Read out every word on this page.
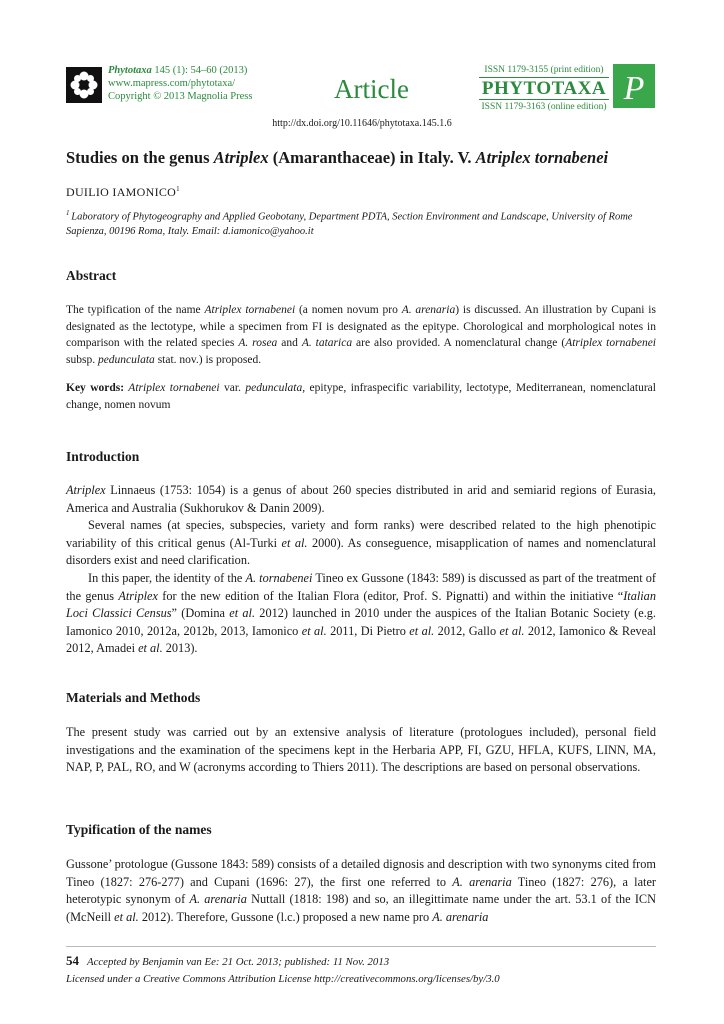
Phytotaxa 145 (1): 54–60 (2013)
www.mapress.com/phytotaxa/
Copyright © 2013 Magnolia Press	Article
ISSN 1179-3155 (print edition)
PHYTOTAXA
ISSN 1179-3163 (online edition) P
http://dx.doi.org/10.11646/phytotaxa.145.1.6
Studies on the genus Atriplex (Amaranthaceae) in Italy. V. Atriplex tornabenei
DUILIO IAMONICO$^1$
$^1$ Laboratory of Phytogeography and Applied Geobotany, Department PDTA, Section Environment and Landscape, University of Rome Sapienza, 00196 Roma, Italy. Email: d.iamonico@yahoo.it
Abstract
The typification of the name Atriplex tornabenei (a nomen novum pro A. arenaria) is discussed. An illustration by Cupani is designated as the lectotype, while a specimen from FI is designated as the epitype. Chorological and morphological notes in comparison with the related species A. rosea and A. tatarica are also provided. A nomenclatural change (Atriplex tornabenei subsp. pedunculata stat. nov.) is proposed.
Key words: Atriplex tornabenei var. pedunculata, epitype, infraspecific variability, lectotype, Mediterranean, nomenclatural change, nomen novum
Introduction

Atriplex Linnaeus (1753: 1054) is a genus of about 260 species distributed in arid and semiarid regions of Eurasia, America and Australia (Sukhorukov & Danin 2009).

Several names (at species, subspecies, variety and form ranks) were described related to the high phenotipic variability of this critical genus (Al-Turki et al. 2000). As conseguence, misapplication of names and nomenclatural disorders exist and need clarification.

In this paper, the identity of the A. tornabenei Tineo ex Gussone (1843: 589) is discussed as part of the treatment of the genus Atriplex for the new edition of the Italian Flora (editor, Prof. S. Pignatti) and within the initiative “Italian Loci Classici Census” (Domina et al. 2012) launched in 2010 under the auspices of the Italian Botanic Society (e.g. Iamonico 2010, 2012a, 2012b, 2013, Iamonico et al. 2011, Di Pietro et al. 2012, Gallo et al. 2012, Iamonico & Reveal 2012, Amadei et al. 2013).

Materials and Methods
The present study was carried out by an extensive analysis of literature (protologues included), personal field investigations and the examination of the specimens kept in the Herbaria APP, FI, GZU, HFLA, KUFS, LINN, MA, NAP, P, PAL, RO, and W (acronyms according to Thiers 2011). The descriptions are based on personal observations.
Typification of the names
Gussone’ protologue (Gussone 1843: 589) consists of a detailed dignosis and description with two synonyms cited from Tineo (1827: 276-277) and Cupani (1696: 27), the first one referred to A. arenaria Tineo (1827: 276), a later heterotypic synonym of A. arenaria Nuttall (1818: 198) and so, an illegittimate name under the art. 53.1 of the ICN (McNeill et al. 2012). Therefore, Gussone (l.c.) proposed a new name pro A. arenaria
54 Accepted by Benjamin van Ee: 21 Oct. 2013; published: 11 Nov. 2013
Licensed under a Creative Commons Attribution License http://creativecommons.org/licenses/by/3.0
